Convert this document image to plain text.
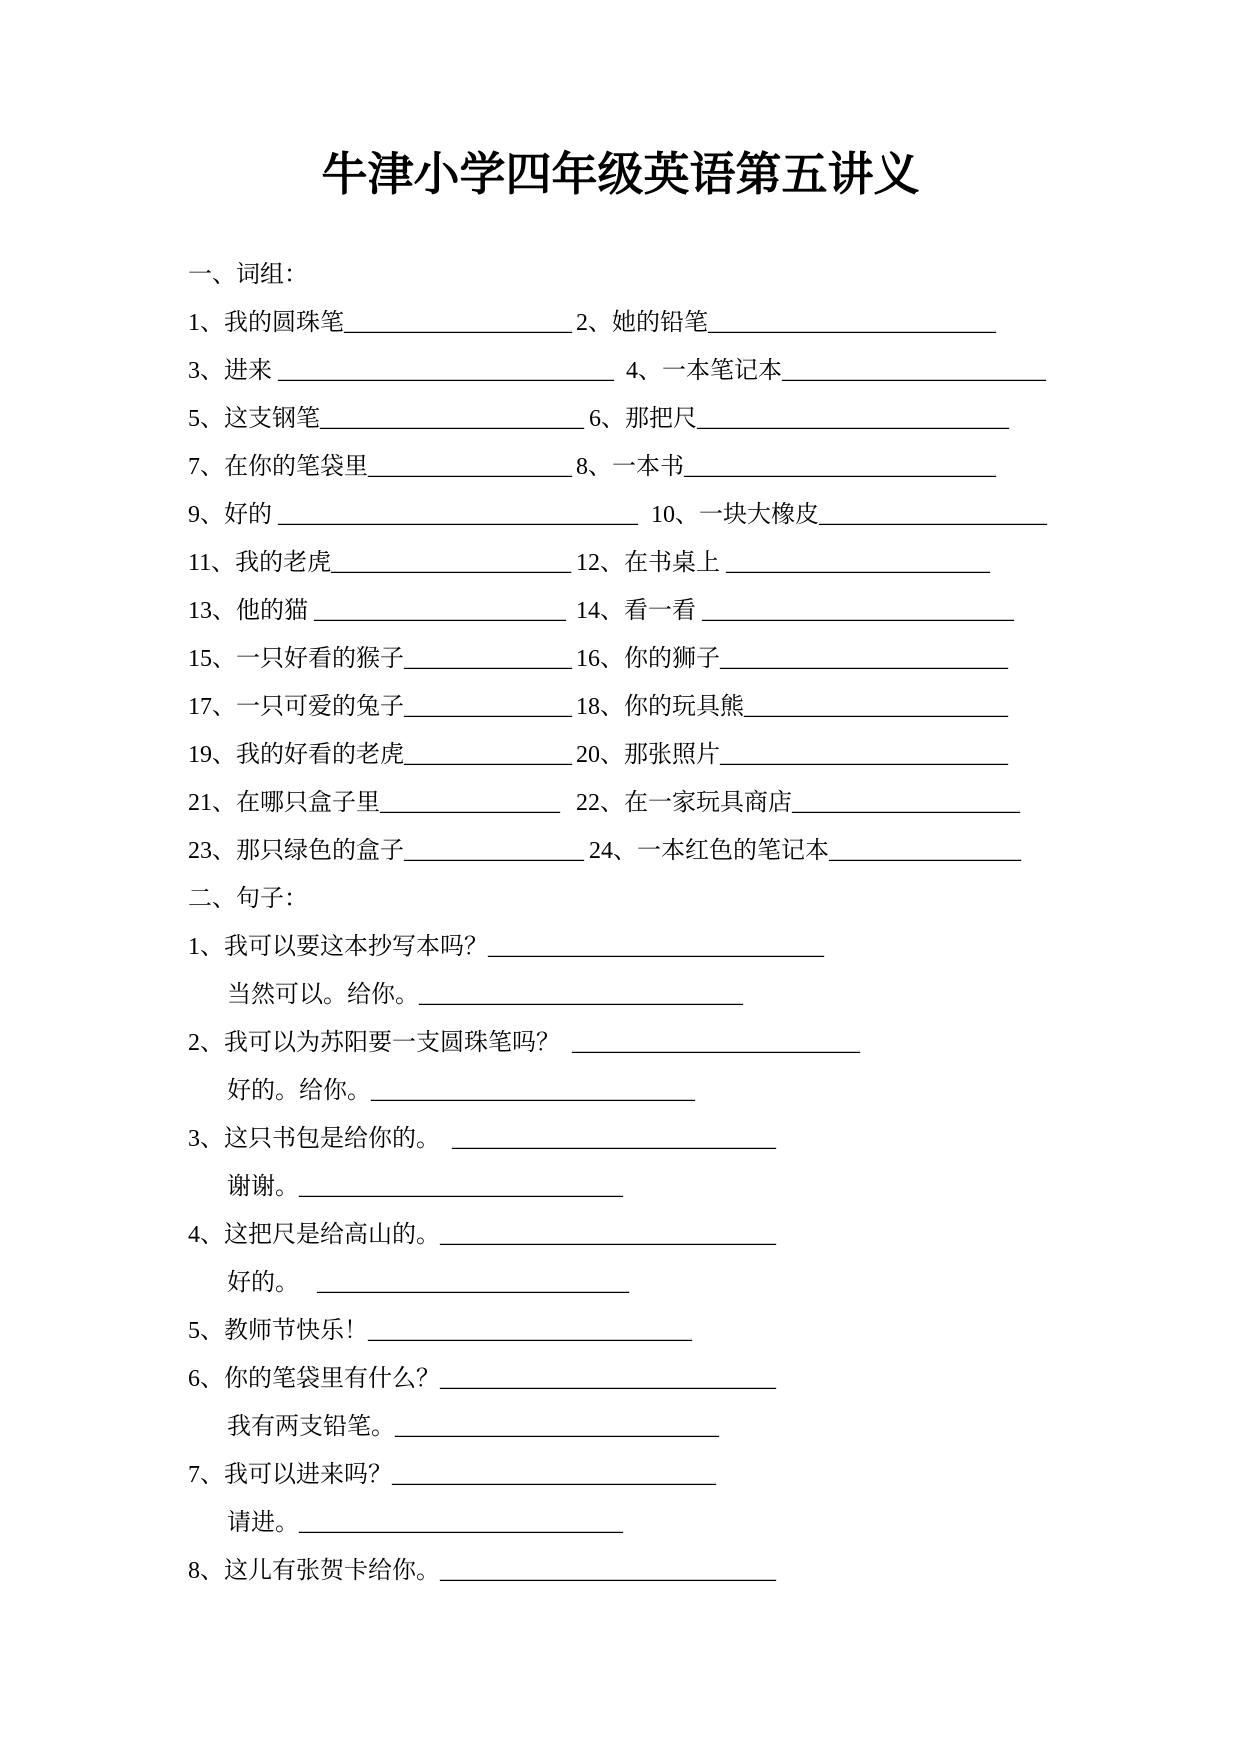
牛津小学四年级英语第五讲义
一、词组：
1、我的圆珠笔___________________ 2、她的铅笔________________________
3、进来 ____________________________ 4、一本笔记本______________________
5、这支钢笔______________________ 6、那把尺__________________________
7、在你的笔袋里_________________ 8、一本书__________________________
9、好的 ______________________________ 10、一块大橡皮___________________
11、我的老虎____________________ 12、在书桌上 ______________________
13、他的猫 _____________________ 14、看一看 __________________________
15、一只好看的猴子______________ 16、你的狮子________________________
17、一只可爱的兔子______________ 18、你的玩具熊______________________
19、我的好看的老虎______________ 20、那张照片________________________
21、在哪只盒子里_______________ 22、在一家玩具商店___________________
23、那只绿色的盒子_______________ 24、一本红色的笔记本________________
二、句子：
1、我可以要这本抄写本吗？____________________________
当然可以。给你。___________________________
2、我可以为苏阳要一支圆珠笔吗？  ________________________
好的。给你。___________________________
3、这只书包是给你的。  ___________________________
谢谢。___________________________
4、这把尺是给高山的。____________________________
好的。   __________________________
5、教师节快乐！___________________________
6、你的笔袋里有什么？____________________________
我有两支铅笔。___________________________
7、我可以进来吗？___________________________
请进。___________________________
8、这儿有张贺卡给你。____________________________
